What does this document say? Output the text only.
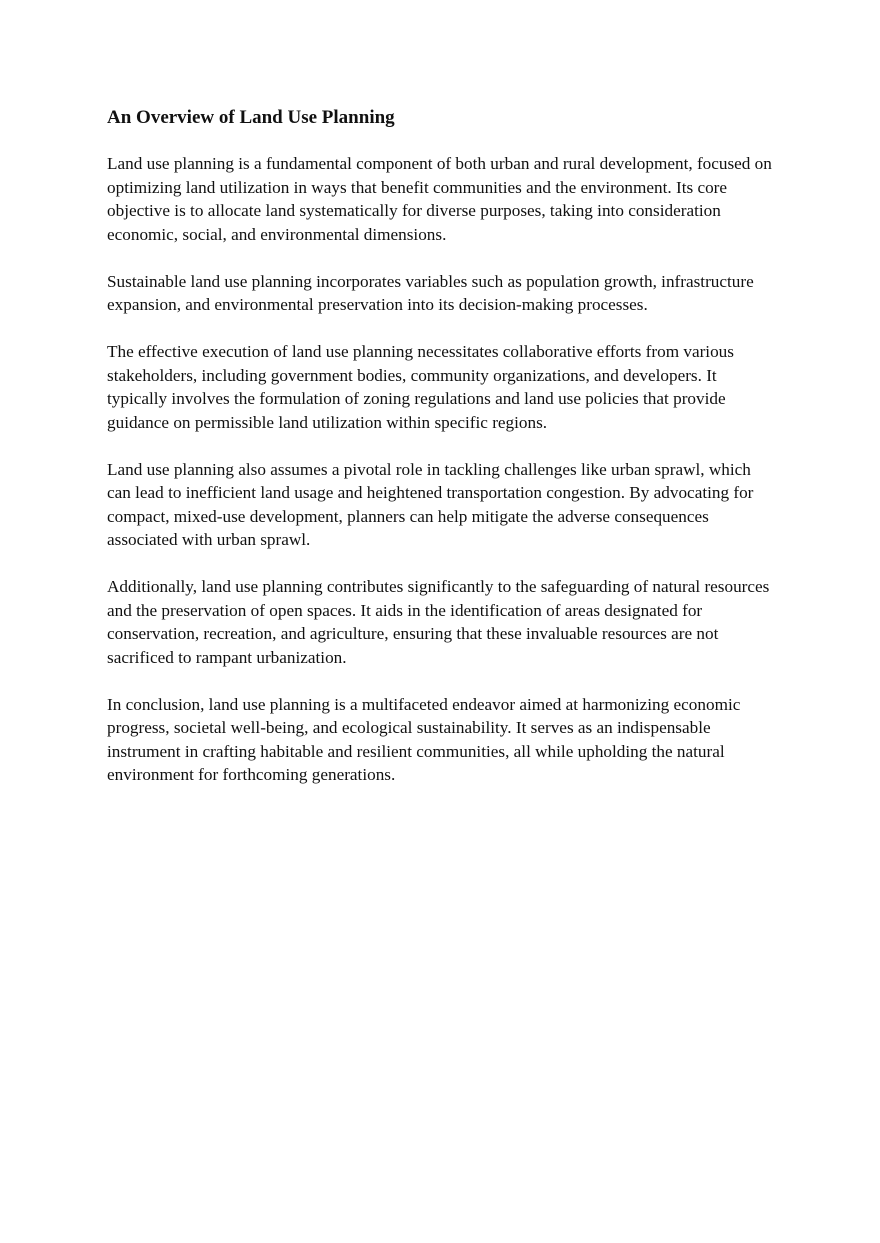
An Overview of Land Use Planning

Land use planning is a fundamental component of both urban and rural development, focused on optimizing land utilization in ways that benefit communities and the environment. Its core objective is to allocate land systematically for diverse purposes, taking into consideration economic, social, and environmental dimensions.

Sustainable land use planning incorporates variables such as population growth, infrastructure expansion, and environmental preservation into its decision-making processes.

The effective execution of land use planning necessitates collaborative efforts from various stakeholders, including government bodies, community organizations, and developers. It typically involves the formulation of zoning regulations and land use policies that provide guidance on permissible land utilization within specific regions.

Land use planning also assumes a pivotal role in tackling challenges like urban sprawl, which can lead to inefficient land usage and heightened transportation congestion. By advocating for compact, mixed-use development, planners can help mitigate the adverse consequences associated with urban sprawl.

Additionally, land use planning contributes significantly to the safeguarding of natural resources and the preservation of open spaces. It aids in the identification of areas designated for conservation, recreation, and agriculture, ensuring that these invaluable resources are not sacrificed to rampant urbanization.

In conclusion, land use planning is a multifaceted endeavor aimed at harmonizing economic progress, societal well-being, and ecological sustainability. It serves as an indispensable instrument in crafting habitable and resilient communities, all while upholding the natural environment for forthcoming generations.
